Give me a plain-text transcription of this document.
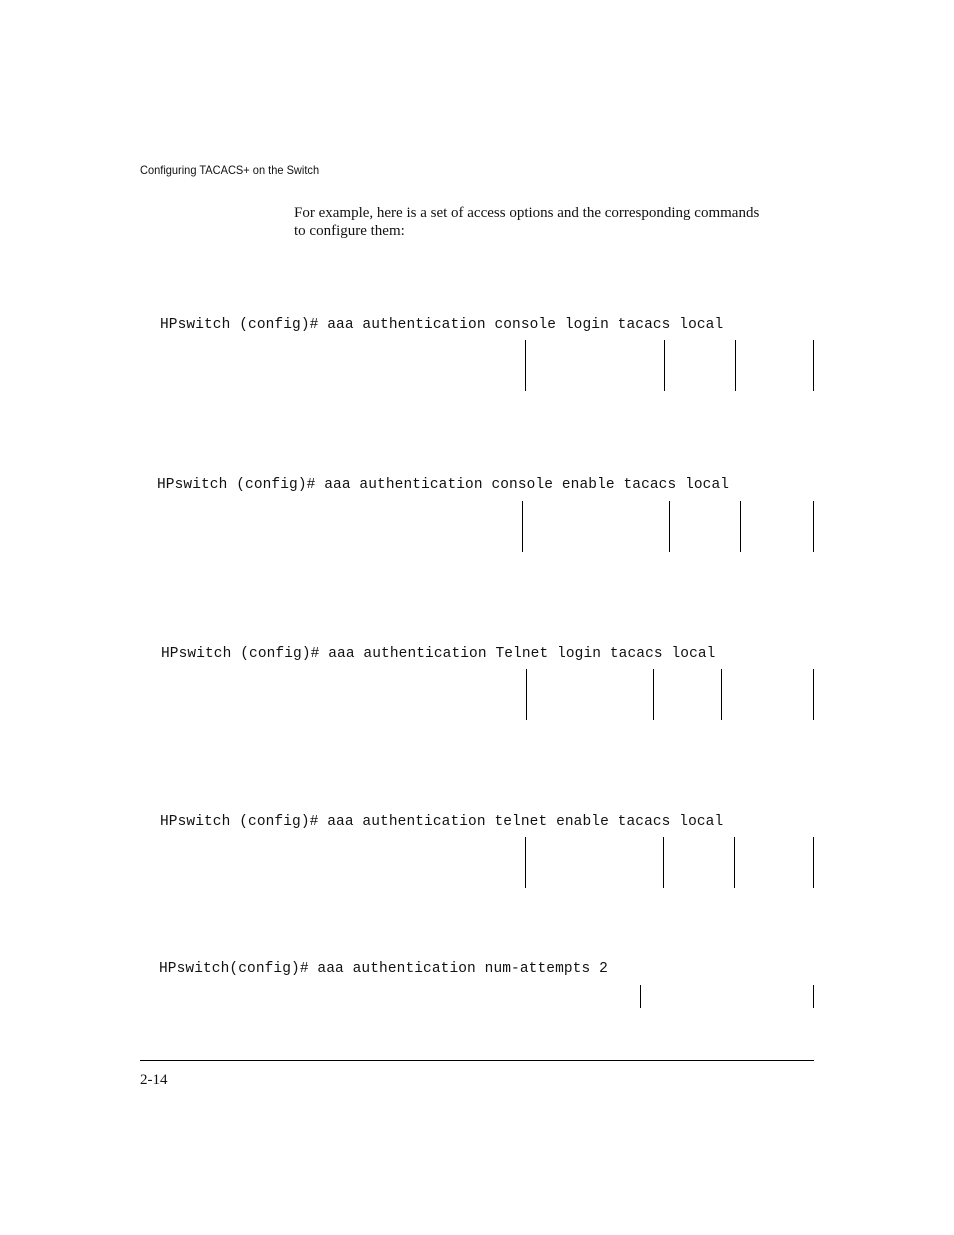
Configuring TACACS+ on the Switch
For example, here is a set of access options and the corresponding commands to configure them:
HPswitch (config)# aaa authentication console login tacacs local
HPswitch (config)# aaa authentication console enable tacacs local
HPswitch (config)# aaa authentication Telnet login tacacs local
HPswitch (config)# aaa authentication telnet enable tacacs local
HPswitch(config)# aaa authentication num-attempts 2
2-14
